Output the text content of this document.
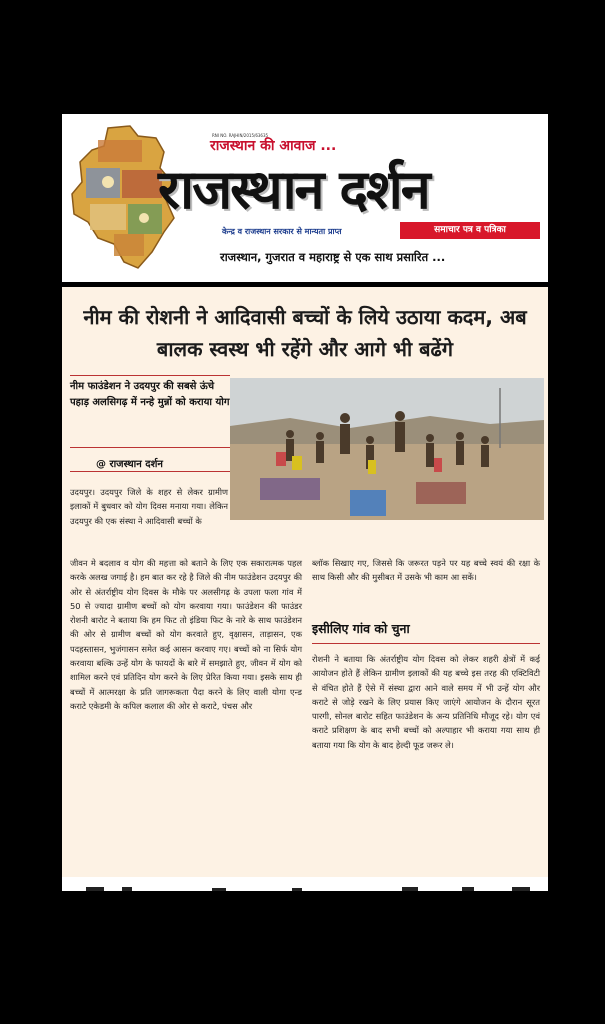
RNI NO. RAJHIN/2015/63635
राजस्थान की आवाज ...
राजस्थान दर्शन
केन्द्र व राजस्थान सरकार से मान्यता प्राप्त	समाचार पत्र व पत्रिका
राजस्थान, गुजरात व महाराष्ट्र से एक साथ प्रसारित ...
नीम की रोशनी ने आदिवासी बच्चों के लिये उठाया कदम, अब बालक स्वस्थ भी रहेंगे और आगे भी बढेंगे
नीम फाउंडेशन ने उदयपुर की सबसे ऊंचे पहाड़ अलसिगढ़ में नन्हे मुन्नों को कराया योग
@ राजस्थान दर्शन
उदयपुर। उदयपुर जिले के शहर से लेकर ग्रामीण इलाकों में बुधवार को योग दिवस मनाया गया। लेकिन उदयपुर की एक संस्था ने आदिवासी बच्चों के
जीवन मे बदलाव व योग की महत्ता को बताने के लिए एक सकारात्मक पहल करके अलख जगाई है। हम बात कर रहे है जिले की नीम फाउंडेशन उदयपुर की ओर से अंतर्राष्ट्रीय योग दिवस के मौके पर अलसीगढ़ के उपला फला गांव में 50 से ज्यादा ग्रामीण बच्चों को योग करवाया गया। फाउंडेशन की फाउंडर रोशनी बारोट ने बताया कि हम फिट तो इंडिया फिट के नारे के साथ फाउंडेशन की ओर से ग्रामीण बच्चों को योग करवाते हुए, वृक्षासन, ताड़ासन, एक पदहस्तासन, भुजंगासन समेत कई आसन करवाए गए। बच्चों को ना सिर्फ योग करवाया बल्कि उन्हें योग के फायदों के बारे में समझाते हुए, जीवन में योग को शामिल करने एवं प्रतिदिन योग करने के लिए प्रेरित किया गया। इसके साथ ही बच्चों में आत्मरक्षा के प्रति जागरूकता पैदा करने के लिए वाली योगा एन्ड कराटे एकेडमी के कपिल कलाल की ओर से कराटे, पंचस और
ब्लॉक सिखाए गए, जिससे कि जरूरत पड़ने पर यह बच्चे स्वयं की रक्षा के साथ किसी और की मुसीबत में उसके भी काम आ सकें।
इसीलिए गांव को चुना
रोशनी ने बताया कि अंतर्राष्ट्रीय योग दिवस को लेकर शहरी क्षेत्रों में कई आयोजन होते हैं लेकिन ग्रामीण इलाकों की यह बच्चे इस तरह की एक्टिविटी से वंचित होते हैं ऐसे में संस्था द्वारा आने वाले समय में भी उन्हें योग और कराटे से जोड़े रखने के लिए प्रयास किए जाएंगे आयोजन के दौरान सूरत पारगी, सोनल बारोट सहित फाउंडेशन के अन्य प्रतिनिधि मौजूद रहे। योग एवं कराटे प्रशिक्षण के बाद सभी बच्चों को अल्पाहार भी कराया गया साथ ही बताया गया कि योग के बाद हेल्दी फूड जरूर ले।
